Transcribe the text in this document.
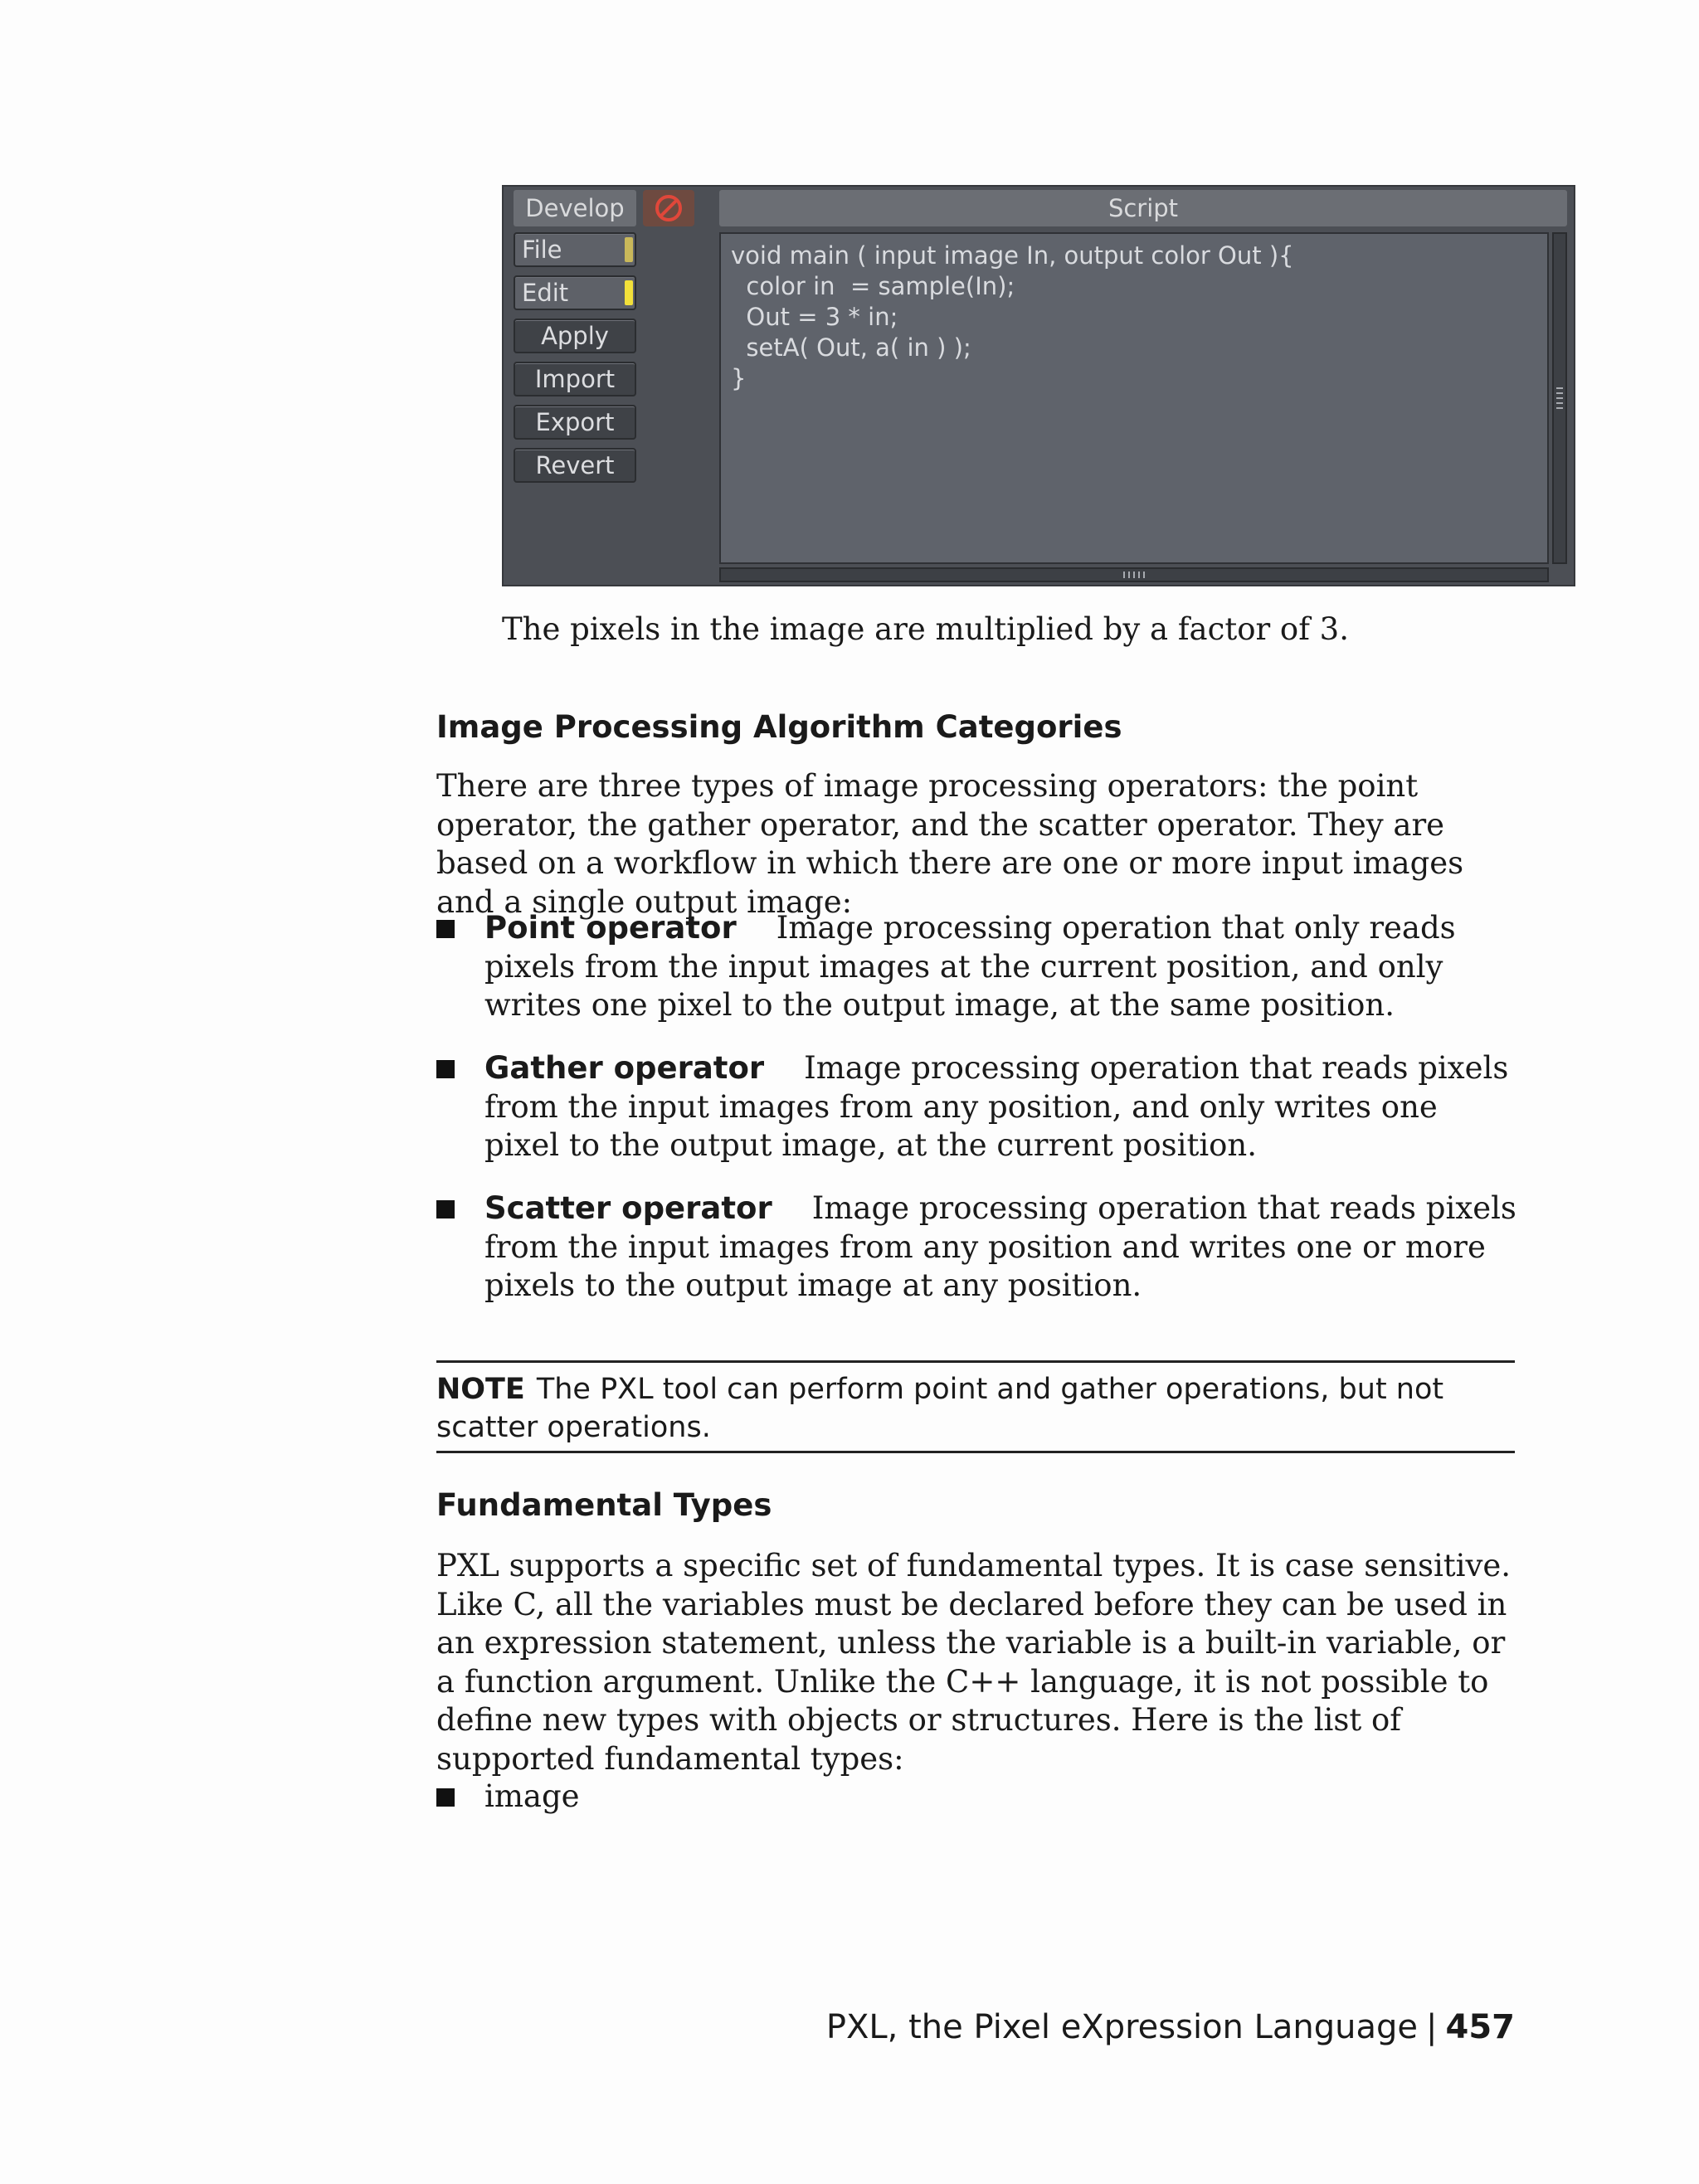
Develop
File
Edit
Apply
Import
Export
Revert
Script
void main ( input image In, output color Out ){
color in  = sample(In);
Out = 3 * in;
setA( Out, a( in ) );
}

The pixels in the image are multiplied by a factor of 3.

Image Processing Algorithm Categories

There are three types of image processing operators: the point operator, the gather operator, and the scatter operator. They are based on a workflow in which there are one or more input images and a single output image:

Point operator Image processing operation that only reads pixels from the input images at the current position, and only writes one pixel to the output image, at the same position.
Gather operator Image processing operation that reads pixels from the input images from any position, and only writes one pixel to the output image, at the current position.
Scatter operator Image processing operation that reads pixels from the input images from any position and writes one or more pixels to the output image at any position.
NOTE The PXL tool can perform point and gather operations, but not scatter operations.
Fundamental Types

PXL supports a specific set of fundamental types. It is case sensitive. Like C, all the variables must be declared before they can be used in an expression statement, unless the variable is a built-in variable, or a function argument. Unlike the C++ language, it is not possible to define new types with objects or structures. Here is the list of supported fundamental types:

image
PXL, the Pixel eXpression Language | 457
